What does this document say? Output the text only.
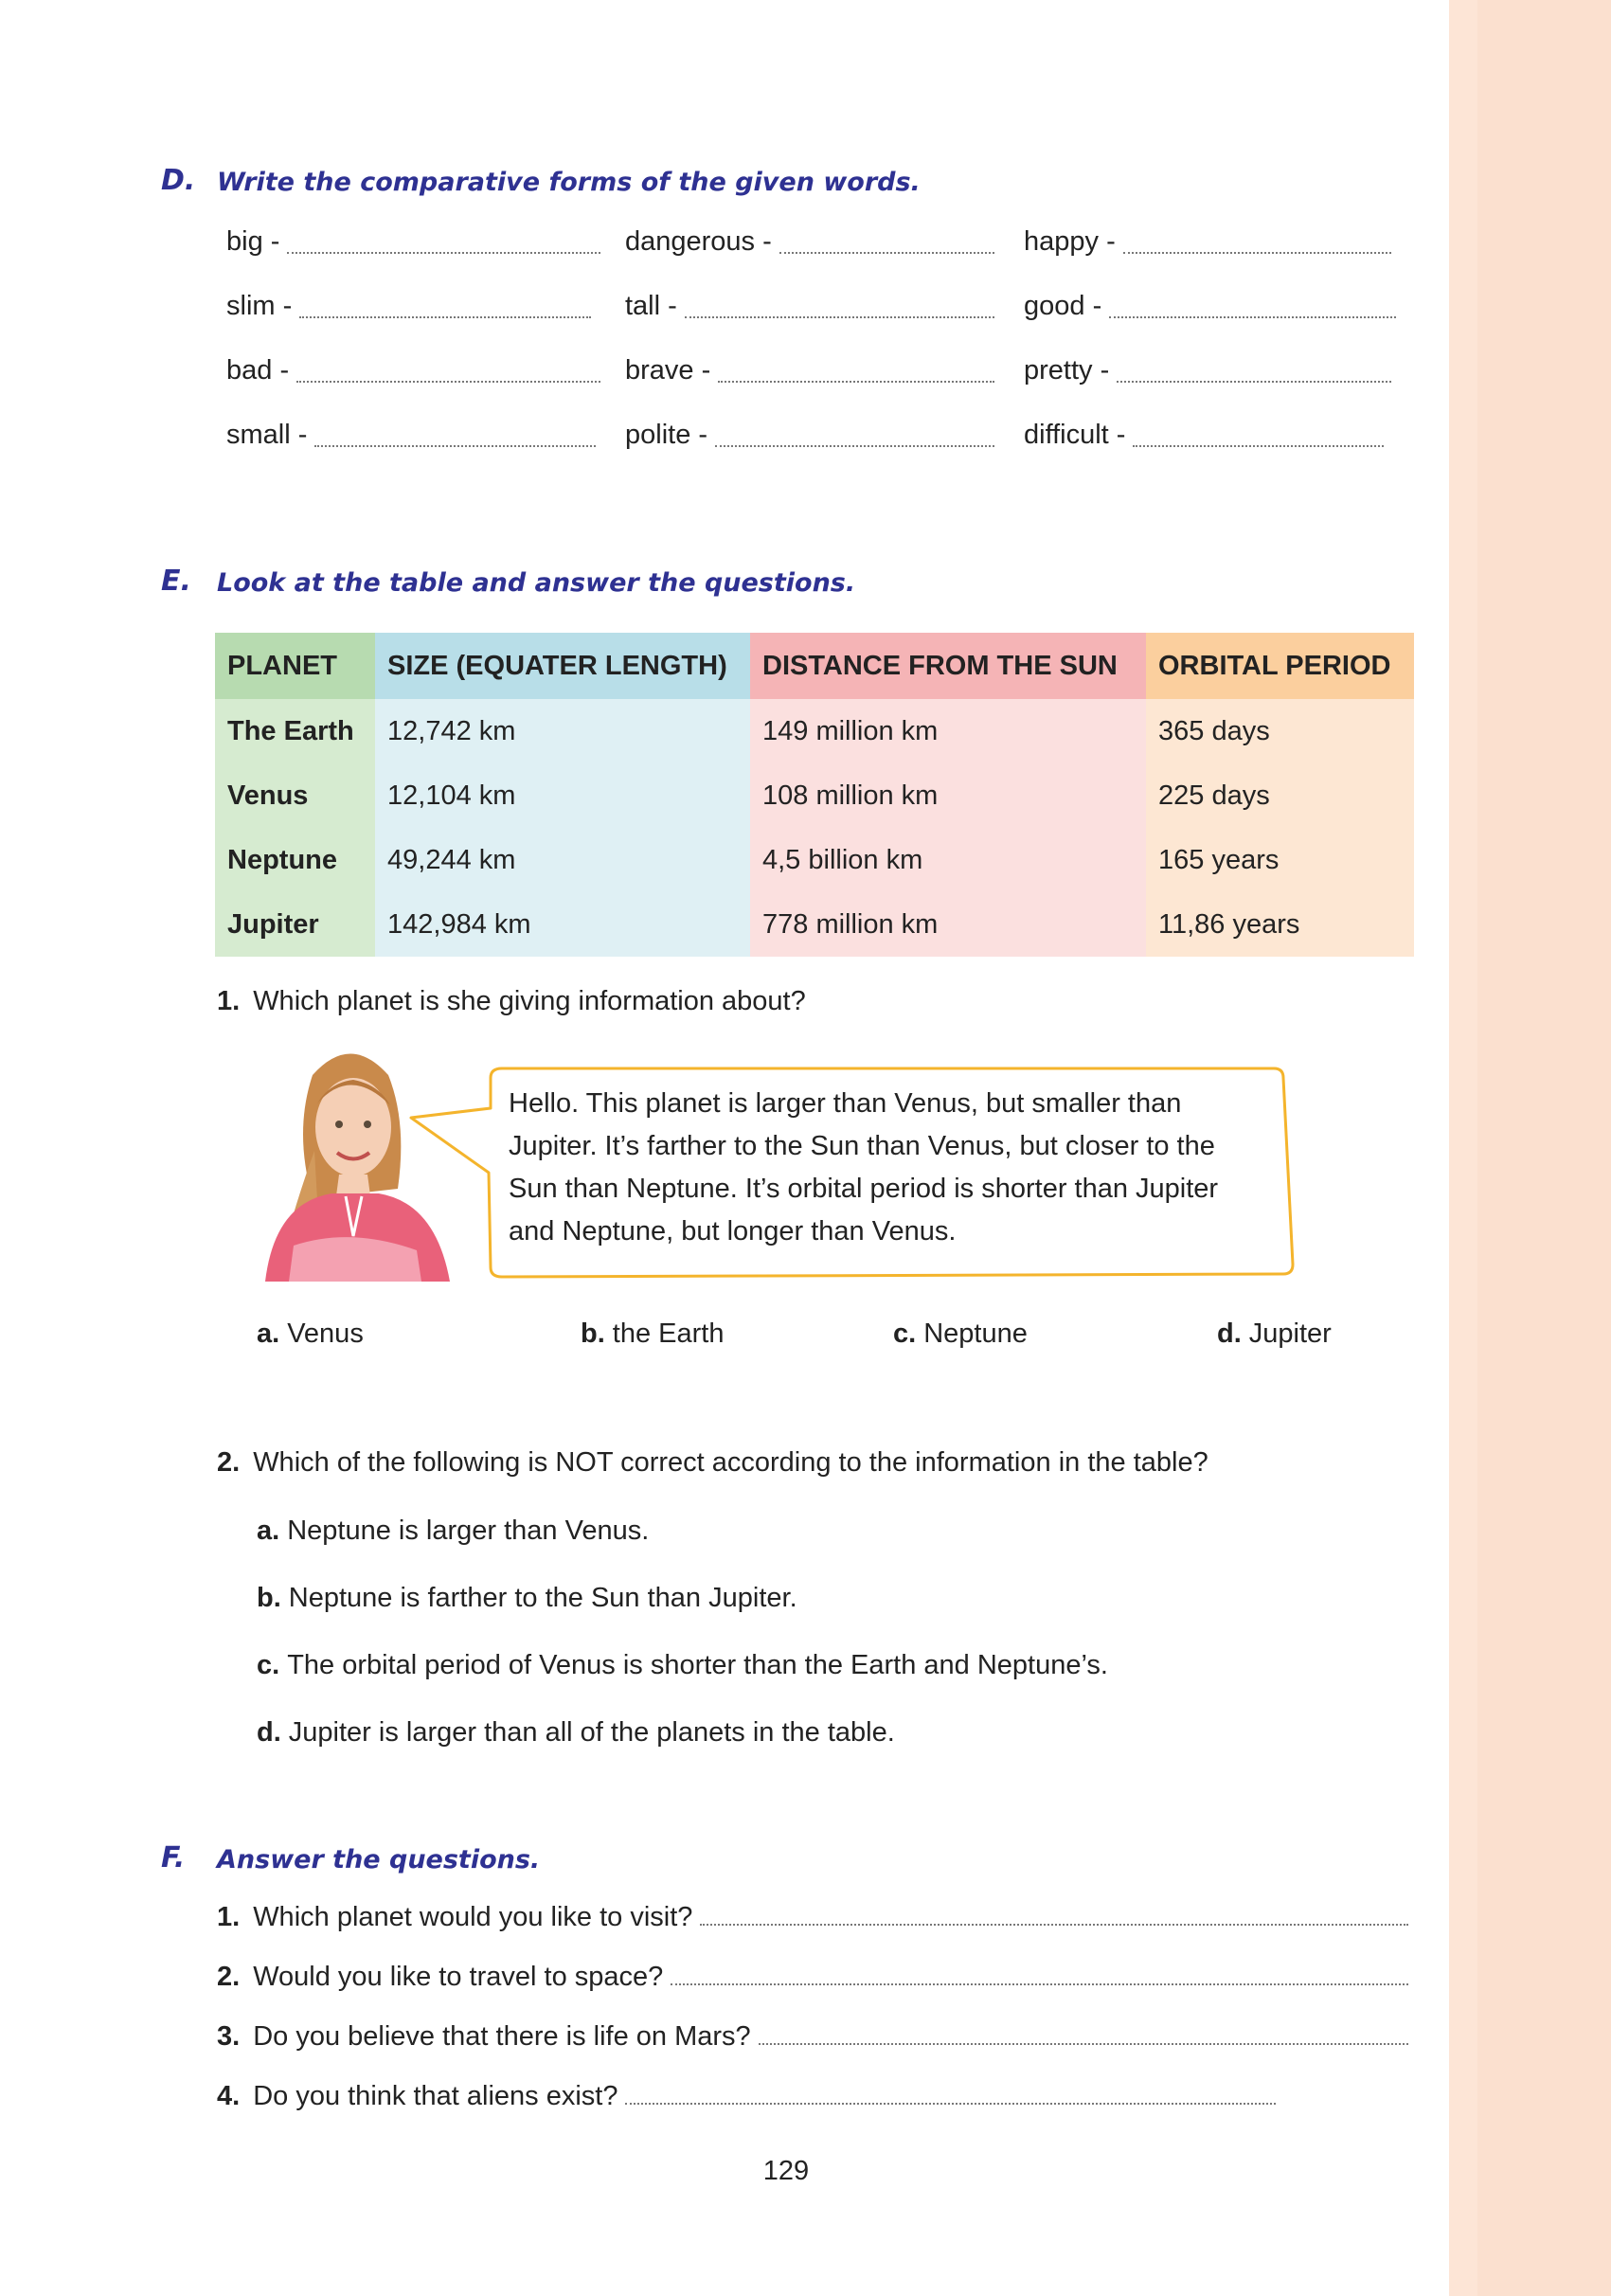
D. Write the comparative forms of the given words.
big -	dangerous -	happy -
slim -	tall -	good -
bad -	brave -	pretty -
small -	polite -	difficult -
E. Look at the table and answer the questions.
PLANET	SIZE (EQUATER LENGTH)	DISTANCE FROM THE SUN	ORBITAL PERIOD
The Earth	12,742 km	149 million km	365 days
Venus	12,104 km	108 million km	225 days
Neptune	49,244 km	4,5 billion km	165 years
Jupiter	142,984 km	778 million km	11,86 years
1. Which planet is she giving information about?
Hello. This planet is larger than Venus, but smaller than Jupiter. It’s farther to the Sun than Venus, but closer to the Sun than Neptune. It’s orbital period is shorter than Jupiter and Neptune, but longer than Venus.
a. Venus	b. the Earth	c. Neptune	d. Jupiter
2. Which of the following is NOT correct according to the information in the table?
a. Neptune is larger than Venus.
b. Neptune is farther to the Sun than Jupiter.
c. The orbital period of Venus is shorter than the Earth and Neptune’s.
d. Jupiter is larger than all of the planets in the table.
F. Answer the questions.
1. Which planet would you like to visit?
2. Would you like to travel to space?
3. Do you believe that there is life on Mars?
4. Do you think that aliens exist?
129
